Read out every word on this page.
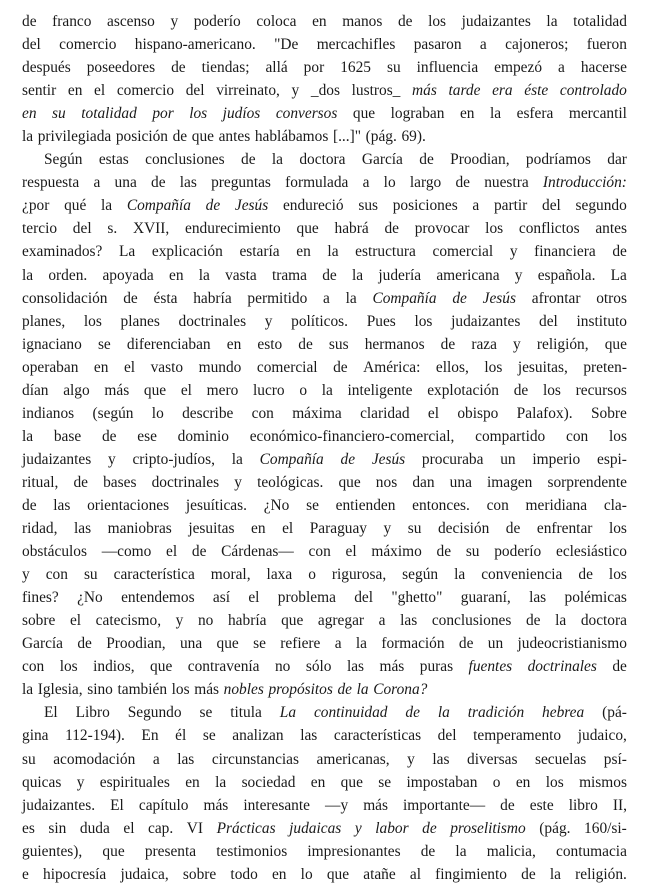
de franco ascenso y poderío coloca en manos de los judaizantes la totalidad
del comercio hispano-americano. "De mercachifles pasaron a cajoneros; fueron
después poseedores de tiendas; allá por 1625 su influencia empezó a hacerse
sentir en el comercio del virreinato, y _dos lustros_ más tarde era éste controlado
en su totalidad por los judíos conversos que lograban en la esfera mercantil
la privilegiada posición de que antes hablábamos [...]" (pág. 69).
Según estas conclusiones de la doctora García de Proodian, podríamos dar
respuesta a una de las preguntas formulada a lo largo de nuestra Introducción:
¿por qué la Compañía de Jesús endureció sus posiciones a partir del segundo
tercio del s. XVII, endurecimiento que habrá de provocar los conflictos antes
examinados? La explicación estaría en la estructura comercial y financiera de
la orden. apoyada en la vasta trama de la judería americana y española. La
consolidación de ésta habría permitido a la Compañía de Jesús afrontar otros
planes, los planes doctrinales y políticos. Pues los judaizantes del instituto
ignaciano se diferenciaban en esto de sus hermanos de raza y religión, que
operaban en el vasto mundo comercial de América: ellos, los jesuitas, preten-
dían algo más que el mero lucro o la inteligente explotación de los recursos
indianos (según lo describe con máxima claridad el obispo Palafox). Sobre
la base de ese dominio económico-financiero-comercial, compartido con los
judaizantes y cripto-judíos, la Compañía de Jesús procuraba un imperio espi-
ritual, de bases doctrinales y teológicas. que nos dan una imagen sorprendente
de las orientaciones jesuíticas. ¿No se entienden entonces. con meridiana cla-
ridad, las maniobras jesuitas en el Paraguay y su decisión de enfrentar los
obstáculos —como el de Cárdenas— con el máximo de su poderío eclesiástico
y con su característica moral, laxa o rigurosa, según la conveniencia de los
fines? ¿No entendemos así el problema del "ghetto" guaraní, las polémicas
sobre el catecismo, y no habría que agregar a las conclusiones de la doctora
García de Proodian, una que se refiere a la formación de un judeocristianismo
con los indios, que contravenía no sólo las más puras fuentes doctrinales de
la Iglesia, sino también los más nobles propósitos de la Corona?
El Libro Segundo se titula La continuidad de la tradición hebrea (pá-
gina 112-194). En él se analizan las características del temperamento judaico,
su acomodación a las circunstancias americanas, y las diversas secuelas psí-
quicas y espirituales en la sociedad en que se impostaban o en los mismos
judaizantes. El capítulo más interesante —y más importante— de este libro II,
es sin duda el cap. VI Prácticas judaicas y labor de proselitismo (pág. 160/si-
guientes), que presenta testimonios impresionantes de la malicia, contumacia
e hipocresía judaica, sobre todo en lo que atañe al fingimiento de la religión.
